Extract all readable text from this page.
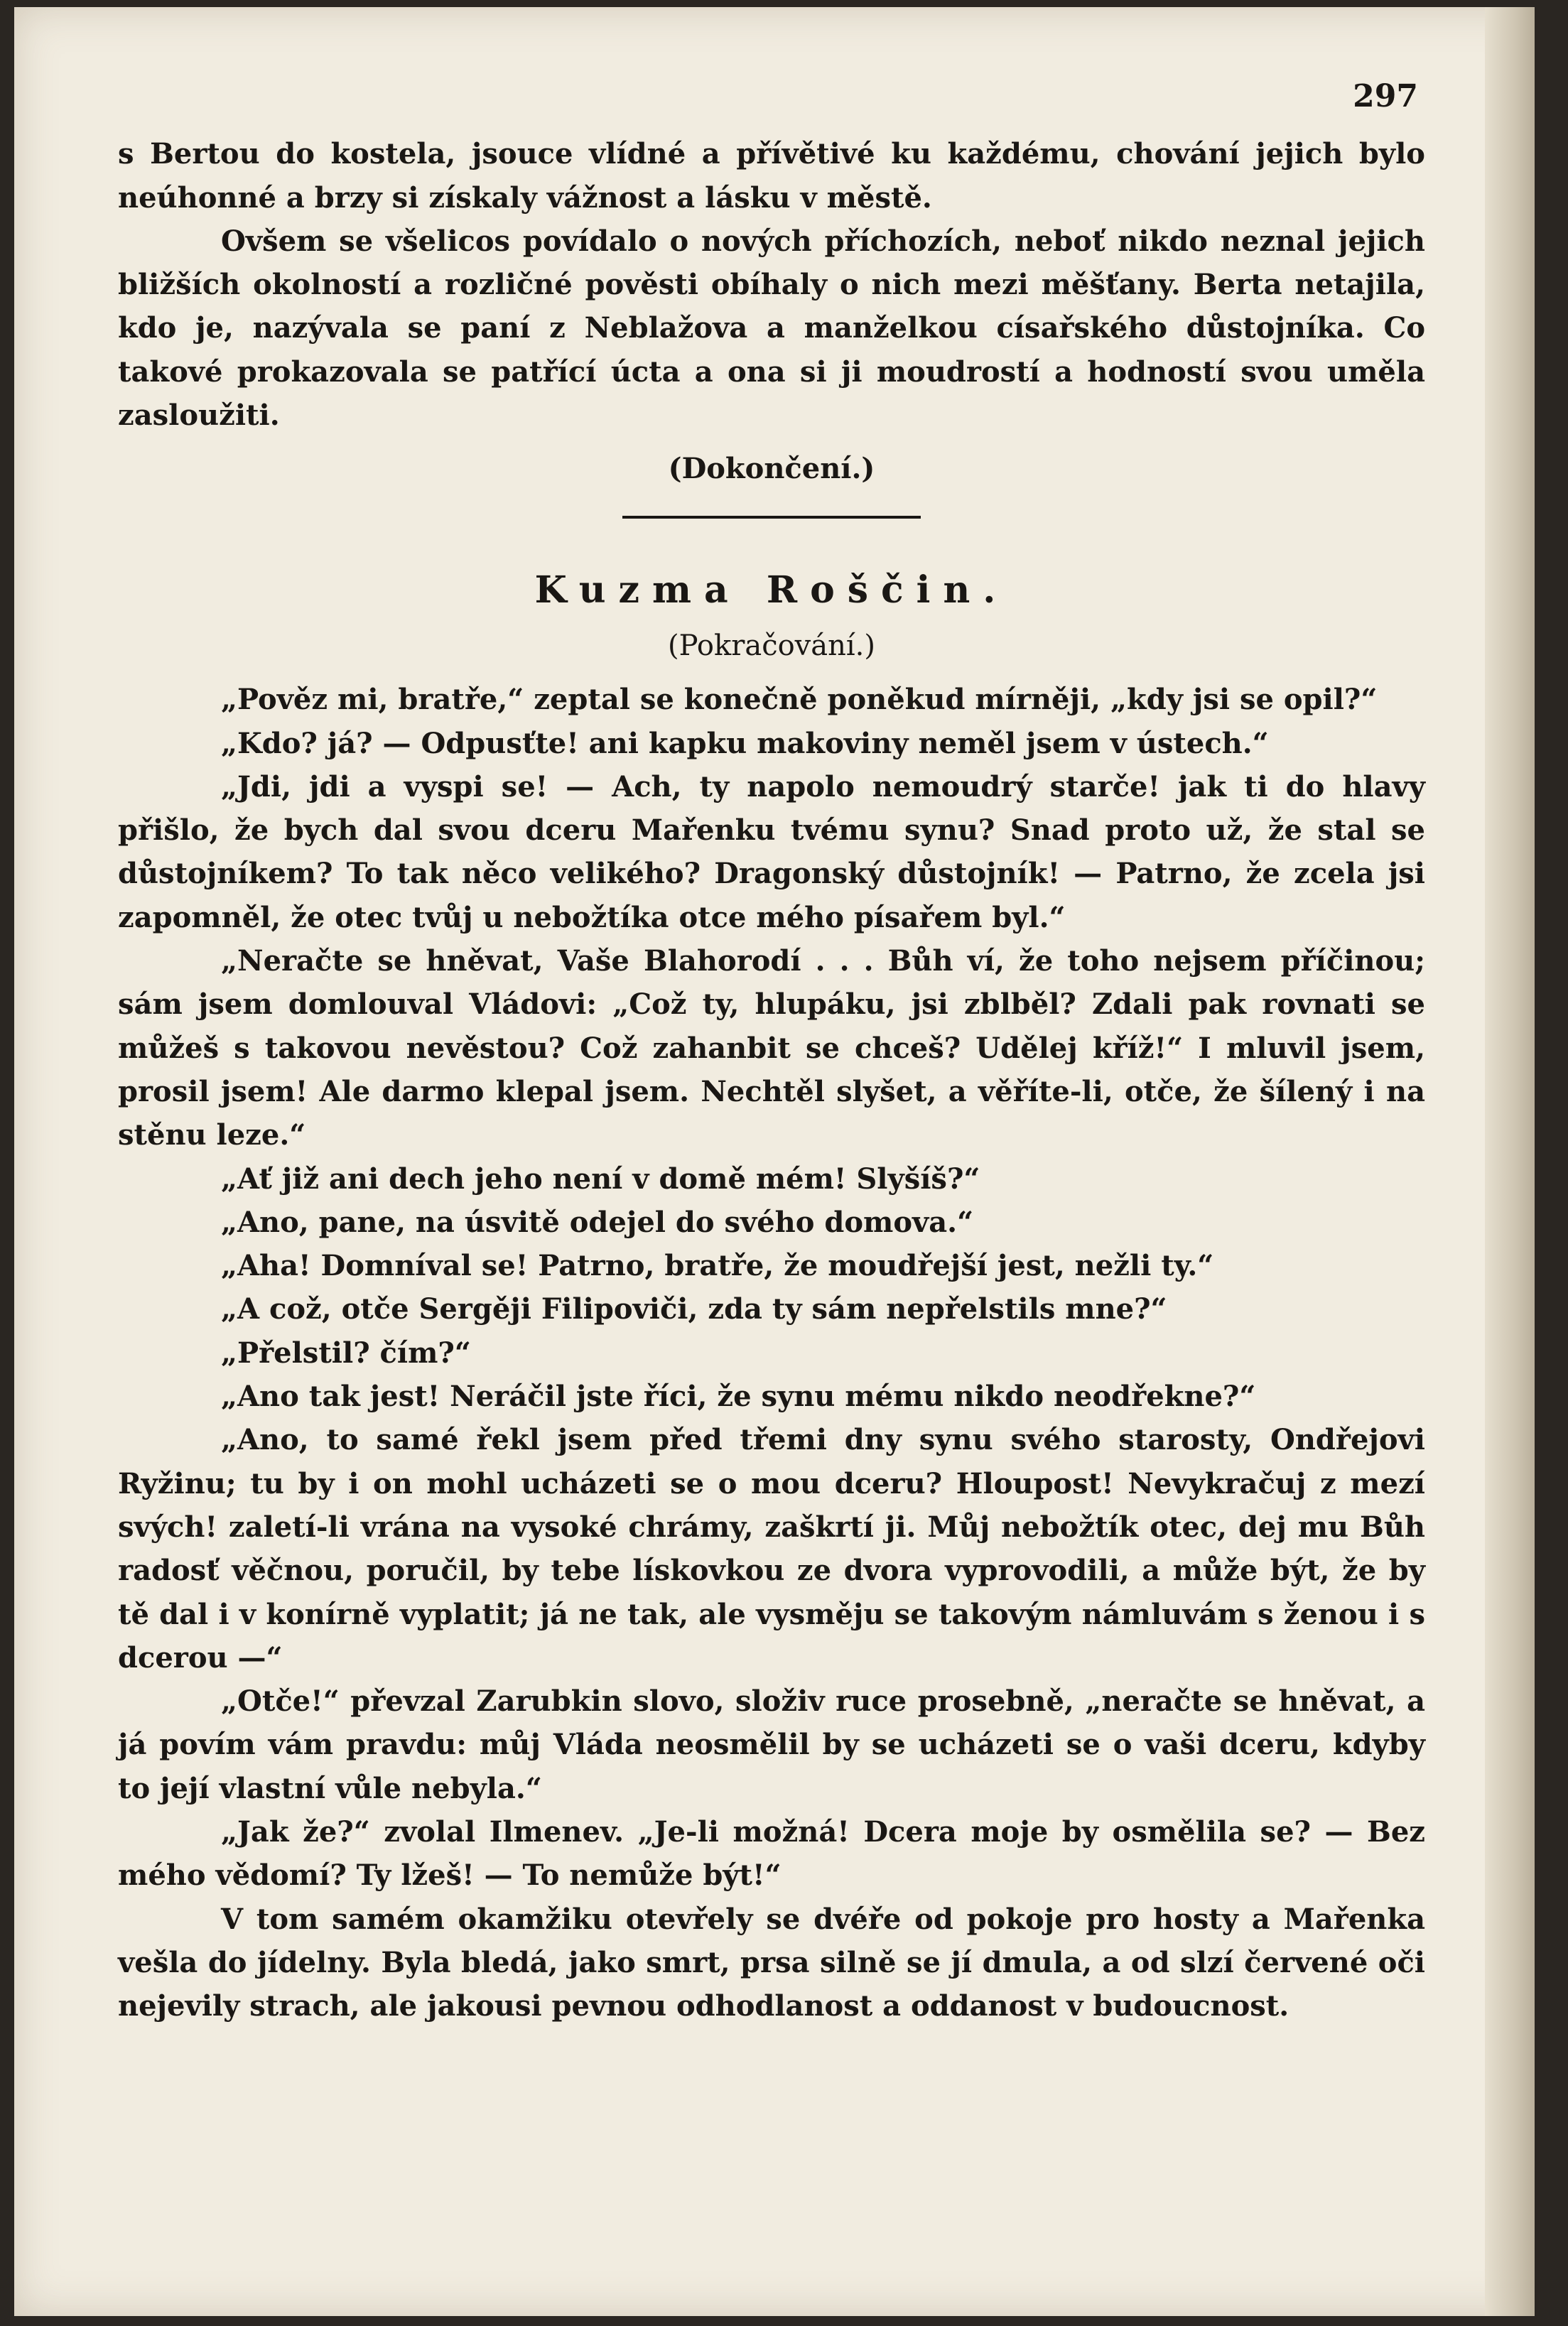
297

s Bertou do kostela, jsouce vlídné a přívětivé ku každému, chování jejich bylo neúhonné a brzy si získaly vážnost a lásku v městě.

Ovšem se všelicos povídalo o nových příchozích, neboť nikdo neznal jejich bližších okolností a rozličné pověsti obíhaly o nich mezi měšťany. Berta netajila, kdo je, nazývala se paní z Neblažova a manželkou císařského důstojníka. Co takové prokazovala se patřící úcta a ona si ji moudrostí a hodností svou uměla zasloužiti.

(Dokončení.)

Kuzma Roščin.

(Pokračování.)

„Pověz mi, bratře,“ zeptal se konečně poněkud mírněji, „kdy jsi se opil?“

„Kdo? já? — Odpusťte! ani kapku makoviny neměl jsem v ústech.“

„Jdi, jdi a vyspi se! — Ach, ty napolo nemoudrý starče! jak ti do hlavy přišlo, že bych dal svou dceru Mařenku tvému synu? Snad proto už, že stal se důstojníkem? To tak něco velikého? Dragonský důstojník! — Patrno, že zcela jsi zapomněl, že otec tvůj u nebožtíka otce mého písařem byl.“

„Neračte se hněvat, Vaše Blahorodí . . . Bůh ví, že toho nejsem příčinou; sám jsem domlouval Vládovi: „Což ty, hlupáku, jsi zblběl? Zdali pak rovnati se můžeš s takovou nevěstou? Což zahanbit se chceš? Udělej kříž!“ I mluvil jsem, prosil jsem! Ale darmo klepal jsem. Nechtěl slyšet, a věříte-li, otče, že šílený i na stěnu leze.“

„Ať již ani dech jeho není v domě mém! Slyšíš?“

„Ano, pane, na úsvitě odejel do svého domova.“

„Aha! Domníval se! Patrno, bratře, že moudřejší jest, nežli ty.“

„A což, otče Sergěji Filipoviči, zda ty sám nepřelstils mne?“

„Přelstil? čím?“

„Ano tak jest! Neráčil jste říci, že synu mému nikdo neodřekne?“

„Ano, to samé řekl jsem před třemi dny synu svého starosty, Ondřejovi Ryžinu; tu by i on mohl ucházeti se o mou dceru? Hloupost! Nevykračuj z mezí svých! zaletí-li vrána na vysoké chrámy, zaškrtí ji. Můj nebožtík otec, dej mu Bůh radosť věčnou, poručil, by tebe lískovkou ze dvora vyprovodili, a může být, že by tě dal i v konírně vyplatit; já ne tak, ale vysměju se takovým námluvám s ženou i s dcerou —“

„Otče!“ převzal Zarubkin slovo, složiv ruce prosebně, „neračte se hněvat, a já povím vám pravdu: můj Vláda neosmělil by se ucházeti se o vaši dceru, kdyby to její vlastní vůle nebyla.“

„Jak že?“ zvolal Ilmenev. „Je-li možná! Dcera moje by osmělila se? — Bez mého vědomí? Ty lžeš! — To nemůže být!“

V tom samém okamžiku otevřely se dvéře od pokoje pro hosty a Mařenka vešla do jídelny. Byla bledá, jako smrt, prsa silně se jí dmula, a od slzí červené oči nejevily strach, ale jakousi pevnou odhodlanost a oddanost v budoucnost.
